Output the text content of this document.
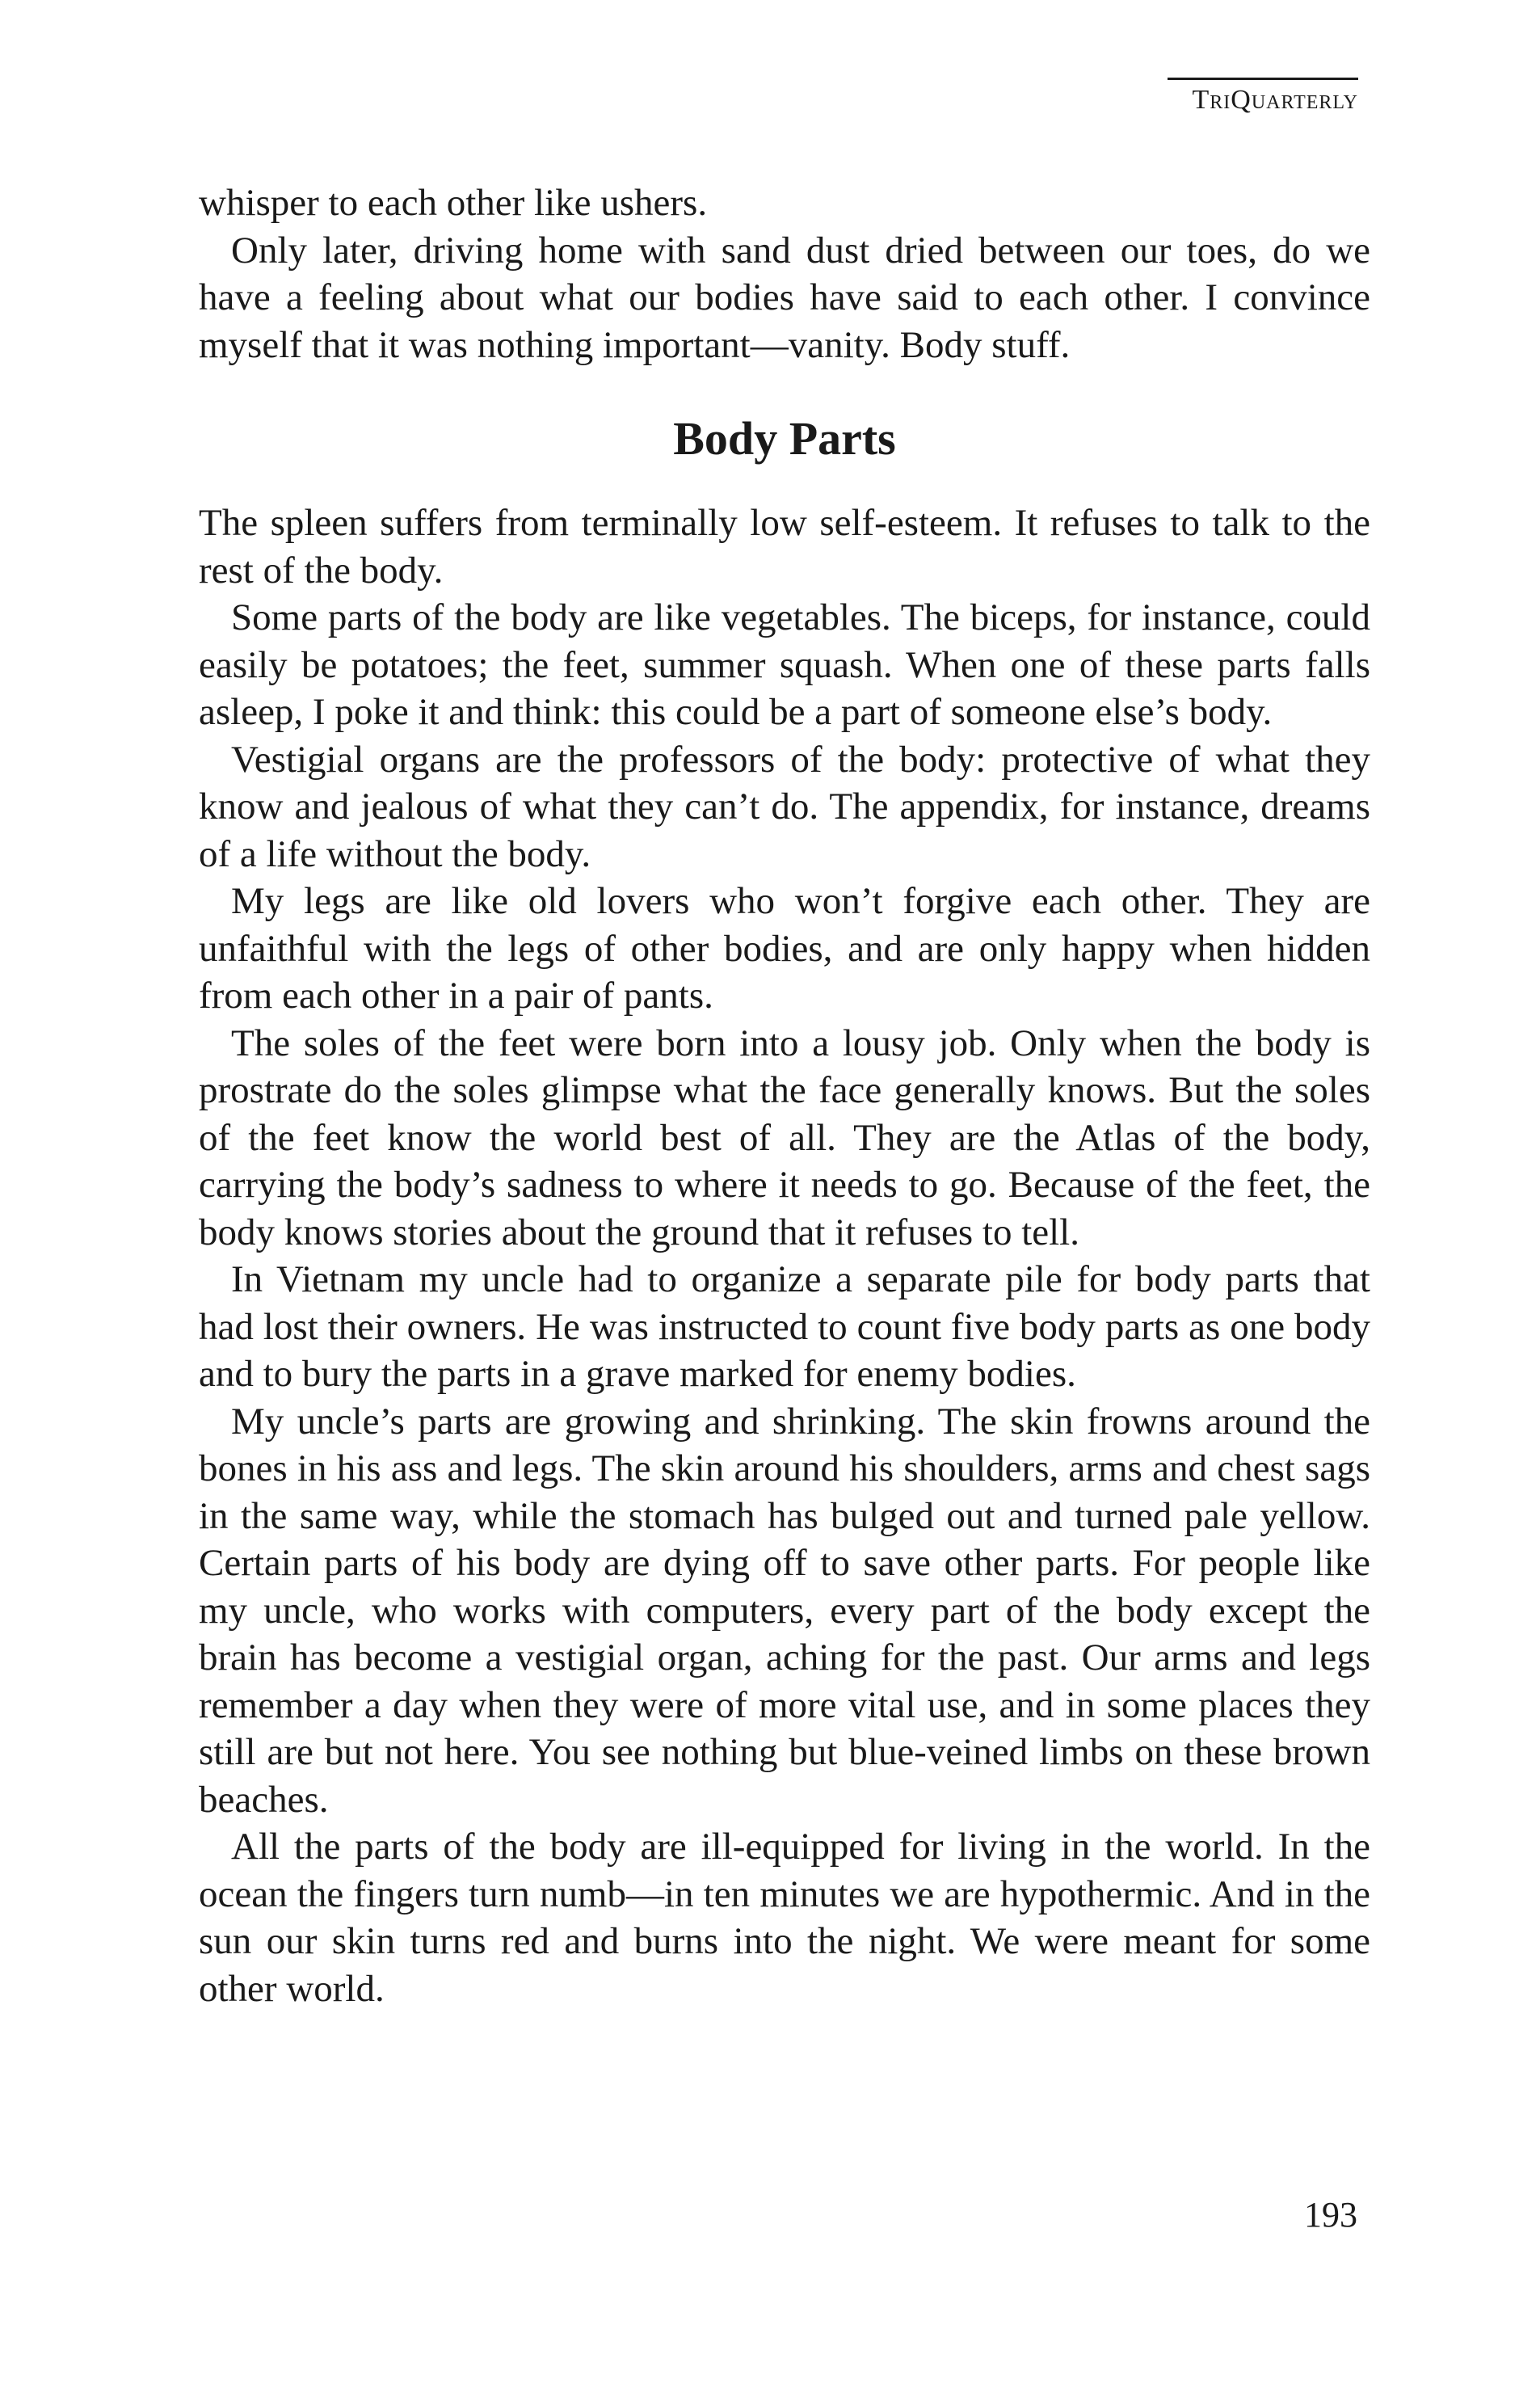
TriQuarterly

whisper to each other like ushers.

Only later, driving home with sand dust dried between our toes, do we have a feeling about what our bodies have said to each other. I convince myself that it was nothing important—vanity. Body stuff.

Body Parts

The spleen suffers from terminally low self-esteem. It refuses to talk to the rest of the body.

Some parts of the body are like vegetables. The biceps, for instance, could easily be potatoes; the feet, summer squash. When one of these parts falls asleep, I poke it and think: this could be a part of someone else’s body.

Vestigial organs are the professors of the body: protective of what they know and jealous of what they can’t do. The appendix, for instance, dreams of a life without the body.

My legs are like old lovers who won’t forgive each other. They are unfaithful with the legs of other bodies, and are only happy when hidden from each other in a pair of pants.

The soles of the feet were born into a lousy job. Only when the body is prostrate do the soles glimpse what the face generally knows. But the soles of the feet know the world best of all. They are the Atlas of the body, carrying the body’s sadness to where it needs to go. Because of the feet, the body knows stories about the ground that it refuses to tell.

In Vietnam my uncle had to organize a separate pile for body parts that had lost their owners. He was instructed to count five body parts as one body and to bury the parts in a grave marked for enemy bodies.

My uncle’s parts are growing and shrinking. The skin frowns around the bones in his ass and legs. The skin around his shoulders, arms and chest sags in the same way, while the stomach has bulged out and turned pale yellow. Certain parts of his body are dying off to save other parts. For people like my uncle, who works with computers, every part of the body except the brain has become a vestigial organ, aching for the past. Our arms and legs remember a day when they were of more vital use, and in some places they still are but not here. You see nothing but blue-veined limbs on these brown beaches.

All the parts of the body are ill-equipped for living in the world. In the ocean the fingers turn numb—in ten minutes we are hypothermic. And in the sun our skin turns red and burns into the night. We were meant for some other world.

193
